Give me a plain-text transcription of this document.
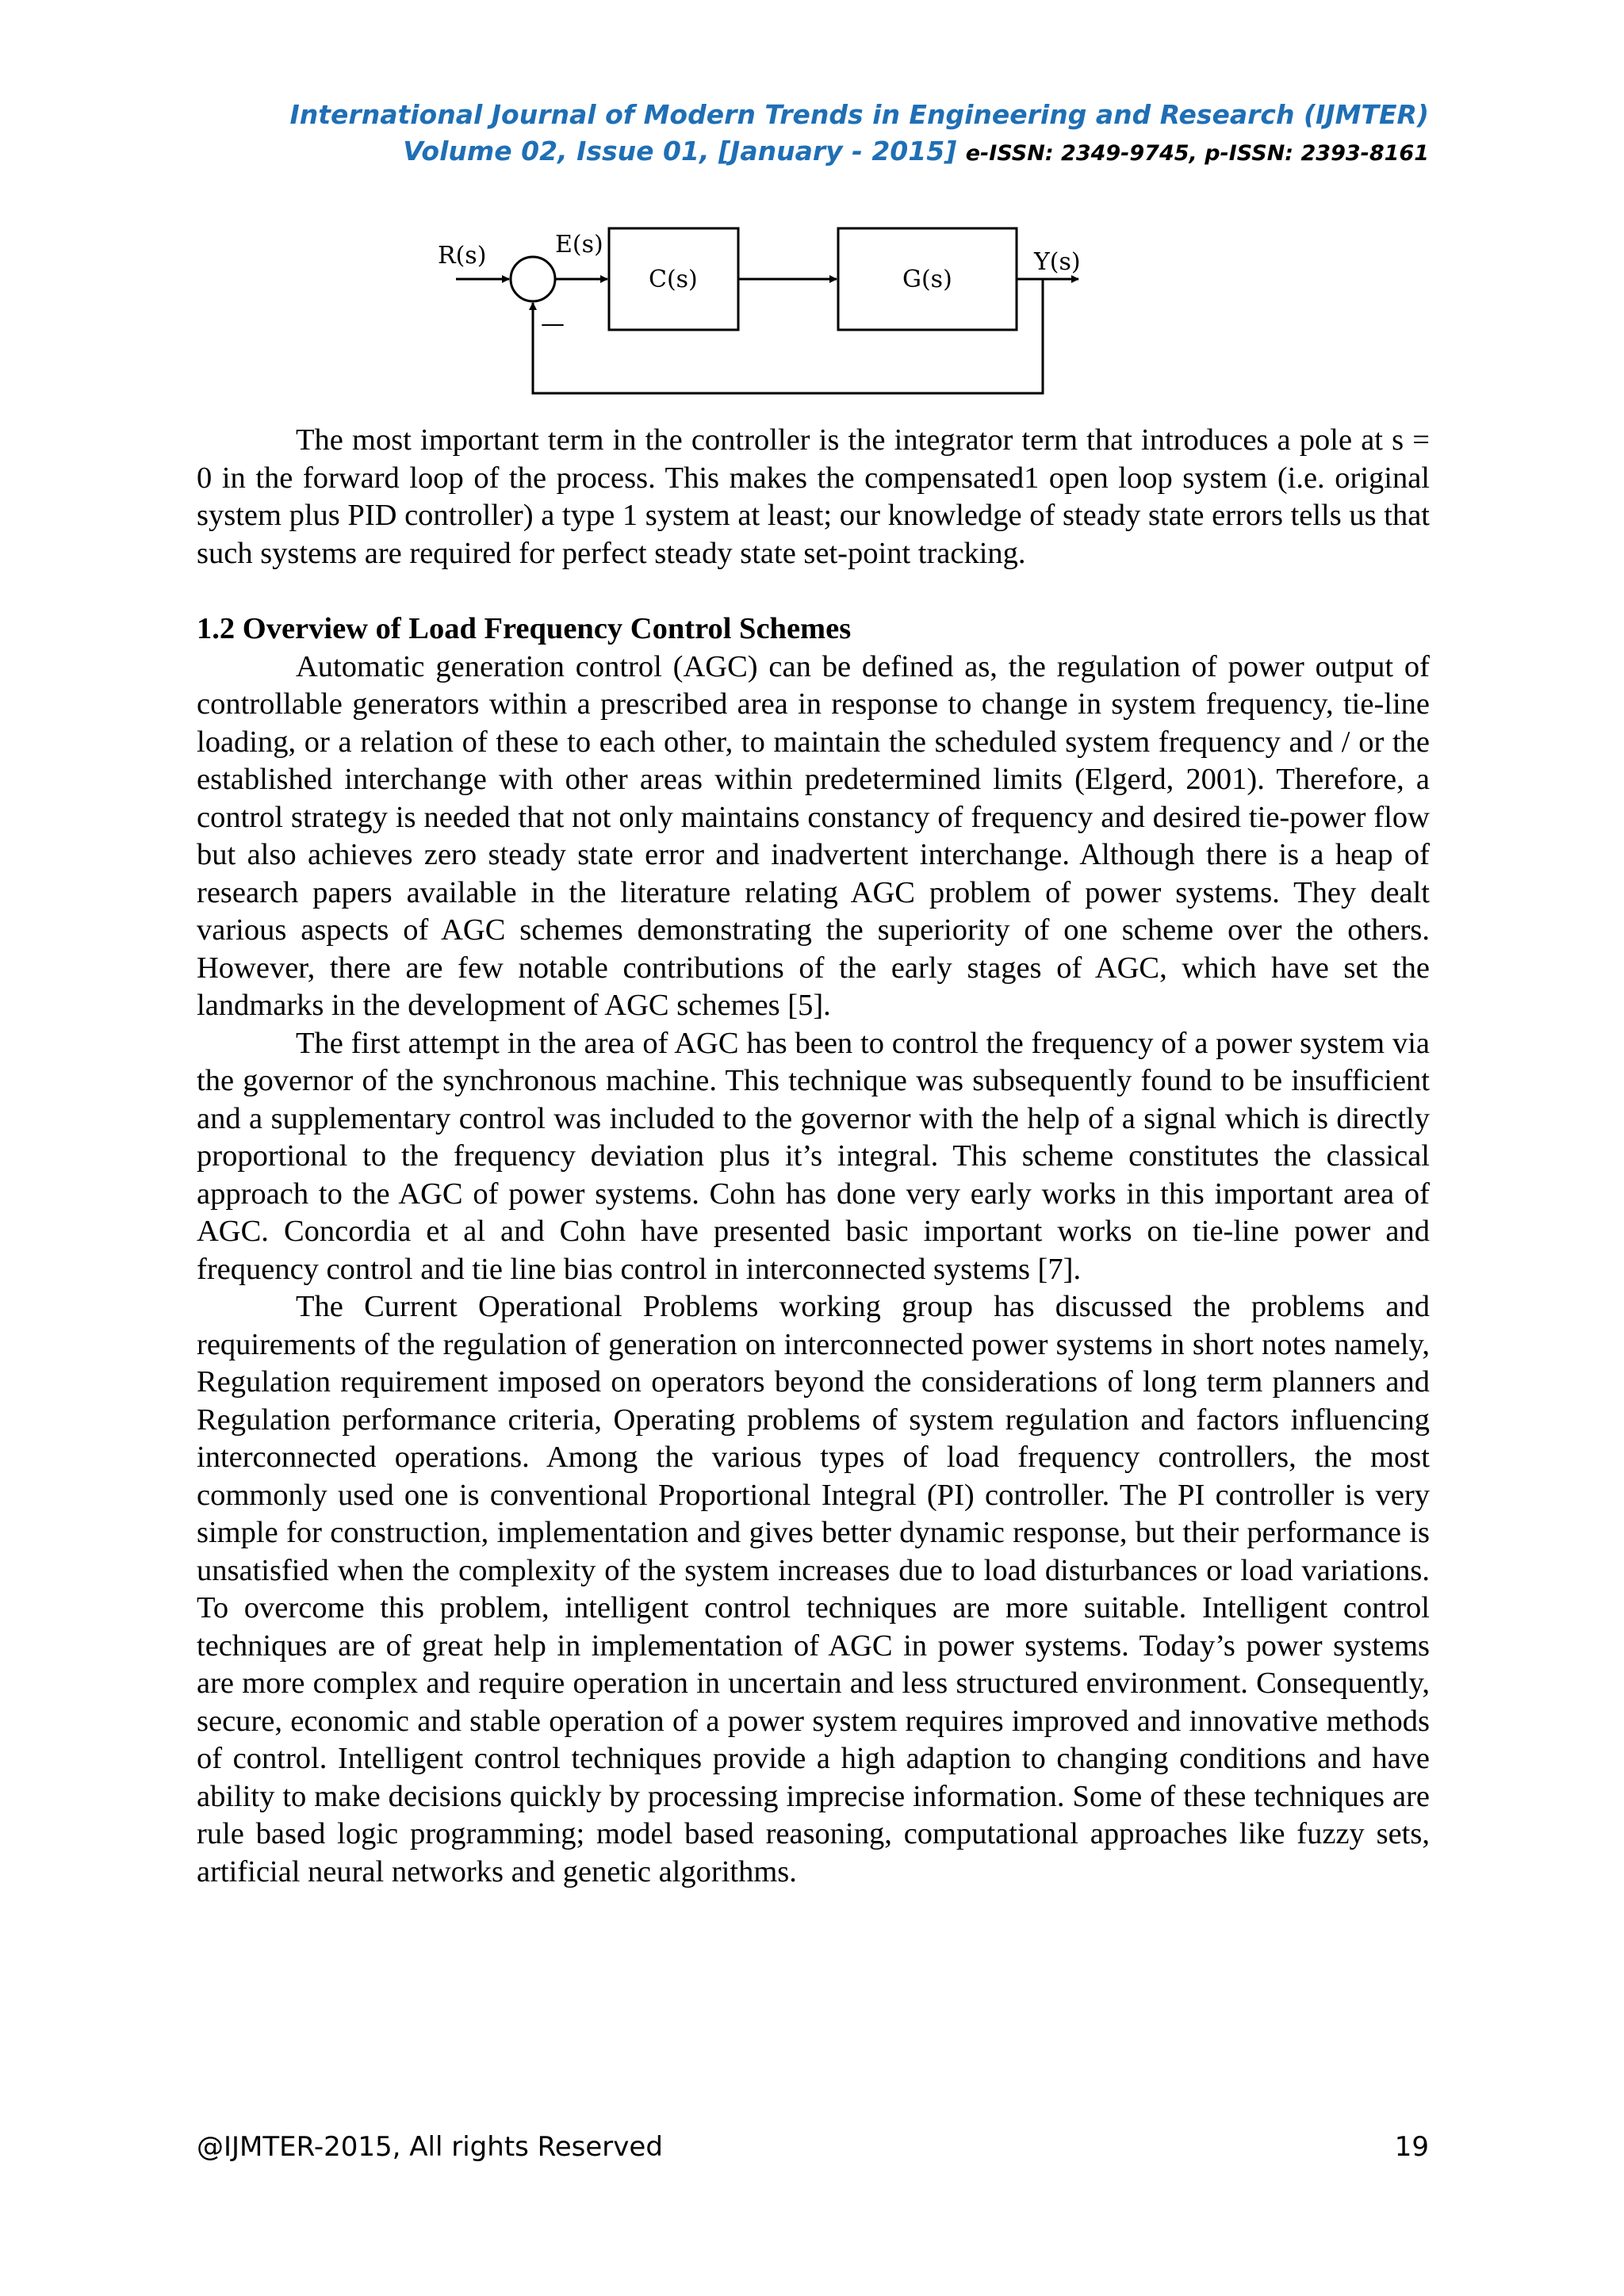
International Journal of Modern Trends in Engineering and Research (IJMTER)
Volume 02, Issue 01, [January - 2015] e-ISSN: 2349-9745, p-ISSN: 2393-8161
R(s)	E(s)
C(s)	G(s)
Y(s)
—

The most important term in the controller is the integrator term that introduces a pole at s = 0 in the forward loop of the process. This makes the compensated1 open loop system (i.e. original system plus PID controller) a type 1 system at least; our knowledge of steady state errors tells us that such systems are required for perfect steady state set-point tracking.

1.2 Overview of Load Frequency Control Schemes

Automatic generation control (AGC) can be defined as, the regulation of power output of controllable generators within a prescribed area in response to change in system frequency, tie-line loading, or a relation of these to each other, to maintain the scheduled system frequency and / or the established interchange with other areas within predetermined limits (Elgerd, 2001). Therefore, a control strategy is needed that not only maintains constancy of frequency and desired tie-power flow but also achieves zero steady state error and inadvertent interchange. Although there is a heap of research papers available in the literature relating AGC problem of power systems. They dealt various aspects of AGC schemes demonstrating the superiority of one scheme over the others. However, there are few notable contributions of the early stages of AGC, which have set the landmarks in the development of AGC schemes [5].

The first attempt in the area of AGC has been to control the frequency of a power system via the governor of the synchronous machine. This technique was subsequently found to be insufficient and a supplementary control was included to the governor with the help of a signal which is directly proportional to the frequency deviation plus it’s integral. This scheme constitutes the classical approach to the AGC of power systems. Cohn has done very early works in this important area of AGC. Concordia et al and Cohn have presented basic important works on tie-line power and frequency control and tie line bias control in interconnected systems [7].

The Current Operational Problems working group has discussed the problems and requirements of the regulation of generation on interconnected power systems in short notes namely, Regulation requirement imposed on operators beyond the considerations of long term planners and Regulation performance criteria, Operating problems of system regulation and factors influencing interconnected operations. Among the various types of load frequency controllers, the most commonly used one is conventional Proportional Integral (PI) controller. The PI controller is very simple for construction, implementation and gives better dynamic response, but their performance is unsatisfied when the complexity of the system increases due to load disturbances or load variations. To overcome this problem, intelligent control techniques are more suitable. Intelligent control techniques are of great help in implementation of AGC in power systems. Today’s power systems are more complex and require operation in uncertain and less structured environment. Consequently, secure, economic and stable operation of a power system requires improved and innovative methods of control. Intelligent control techniques provide a high adaption to changing conditions and have ability to make decisions quickly by processing imprecise information. Some of these techniques are rule based logic programming; model based reasoning, computational approaches like fuzzy sets, artificial neural networks and genetic algorithms.

@IJMTER-2015, All rights Reserved	19
